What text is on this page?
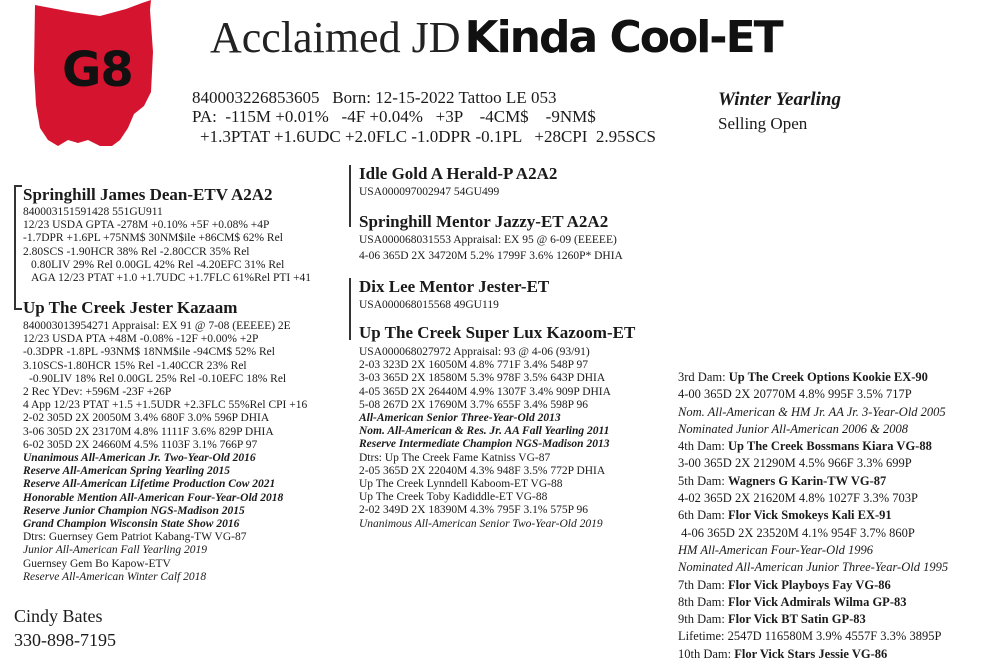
G8
Acclaimed JD Kinda Cool-ET
840003226853605   Born: 12-15-2022 Tattoo LE 053
PA:  -115M +0.01%   -4F +0.04%   +3P    -4CM$    -9NM$
+1.3PTAT +1.6UDC +2.0FLC -1.0DPR -0.1PL   +28CPI  2.95SCS
Winter Yearling
Selling Open
Springhill James Dean-ETV A2A2
840003151591428 551GU911
12/23 USDA GPTA -278M +0.10% +5F +0.08% +4P
-1.7DPR +1.6PL +75NM$ 30NM$ile +86CM$ 62% Rel
2.80SCS -1.90HCR 38% Rel -2.80CCR 35% Rel
0.80LIV 29% Rel 0.00GL 42% Rel -4.20EFC 31% Rel
AGA 12/23 PTAT +1.0 +1.7UDC +1.7FLC 61%Rel PTI +41
Up The Creek Jester Kazaam
840003013954271 Appraisal: EX 91 @ 7-08 (EEEEE) 2E
12/23 USDA PTA +48M -0.08% -12F +0.00% +2P
-0.3DPR -1.8PL -93NM$ 18NM$ile -94CM$ 52% Rel
3.10SCS-1.80HCR 15% Rel -1.40CCR 23% Rel
-0.90LIV 18% Rel 0.00GL 25% Rel -0.10EFC 18% Rel
2 Rec YDev: +596M -23F +26P
4 App 12/23 PTAT +1.5 +1.5UDR +2.3FLC 55%Rel CPI +16
2-02 305D 2X 20050M 3.4% 680F 3.0% 596P DHIA
3-06 305D 2X 23170M 4.8% 1111F 3.6% 829P DHIA
6-02 305D 2X 24660M 4.5% 1103F 3.1% 766P 97
Unanimous All-American Jr. Two-Year-Old 2016
Reserve All-American Spring Yearling 2015
Reserve All-American Lifetime Production Cow 2021
Honorable Mention All-American Four-Year-Old 2018
Reserve Junior Champion NGS-Madison 2015
Grand Champion Wisconsin State Show 2016
Dtrs: Guernsey Gem Patriot Kabang-TW VG-87
Junior All-American Fall Yearling 2019
Guernsey Gem Bo Kapow-ETV
Reserve All-American Winter Calf 2018
Idle Gold A Herald-P A2A2
USA000097002947 54GU499
Springhill Mentor Jazzy-ET A2A2
USA000068031553 Appraisal: EX 95 @ 6-09 (EEEEE)
4-06 365D 2X 34720M 5.2% 1799F 3.6% 1260P* DHIA
Dix Lee Mentor Jester-ET
USA000068015568 49GU119
Up The Creek Super Lux Kazoom-ET
USA000068027972 Appraisal: 93 @ 4-06 (93/91)
2-03 323D 2X 16050M 4.8% 771F 3.4% 548P 97
3-03 365D 2X 18580M 5.3% 978F 3.5% 643P DHIA
4-05 365D 2X 26440M 4.9% 1307F 3.4% 909P DHIA
5-08 267D 2X 17690M 3.7% 655F 3.4% 598P 96
All-American Senior Three-Year-Old 2013
Nom. All-American & Res. Jr. AA Fall Yearling 2011
Reserve Intermediate Champion NGS-Madison 2013
Dtrs: Up The Creek Fame Katniss VG-87
2-05 365D 2X 22040M 4.3% 948F 3.5% 772P DHIA
Up The Creek Lynndell Kaboom-ET VG-88
Up The Creek Toby Kadiddle-ET VG-88
2-02 349D 2X 18390M 4.3% 795F 3.1% 575P 96
Unanimous All-American Senior Two-Year-Old 2019
3rd Dam: Up The Creek Options Kookie EX-90
4-00 365D 2X 20770M 4.8% 995F 3.5% 717P
Nom. All-American & HM Jr. AA Jr. 3-Year-Old 2005
Nominated Junior All-American 2006 & 2008
4th Dam: Up The Creek Bossmans Kiara VG-88
3-00 365D 2X 21290M 4.5% 966F 3.3% 699P
5th Dam: Wagners G Karin-TW VG-87
4-02 365D 2X 21620M 4.8% 1027F 3.3% 703P
6th Dam: Flor Vick Smokeys Kali EX-91
4-06 365D 2X 23520M 4.1% 954F 3.7% 860P
HM All-American Four-Year-Old 1996
Nominated All-American Junior Three-Year-Old 1995
7th Dam: Flor Vick Playboys Fay VG-86
8th Dam: Flor Vick Admirals Wilma GP-83
9th Dam: Flor Vick BT Satin GP-83
Lifetime: 2547D 116580M 3.9% 4557F 3.3% 3895P
10th Dam: Flor Vick Stars Jessie VG-86
Cindy Bates
330-898-7195
